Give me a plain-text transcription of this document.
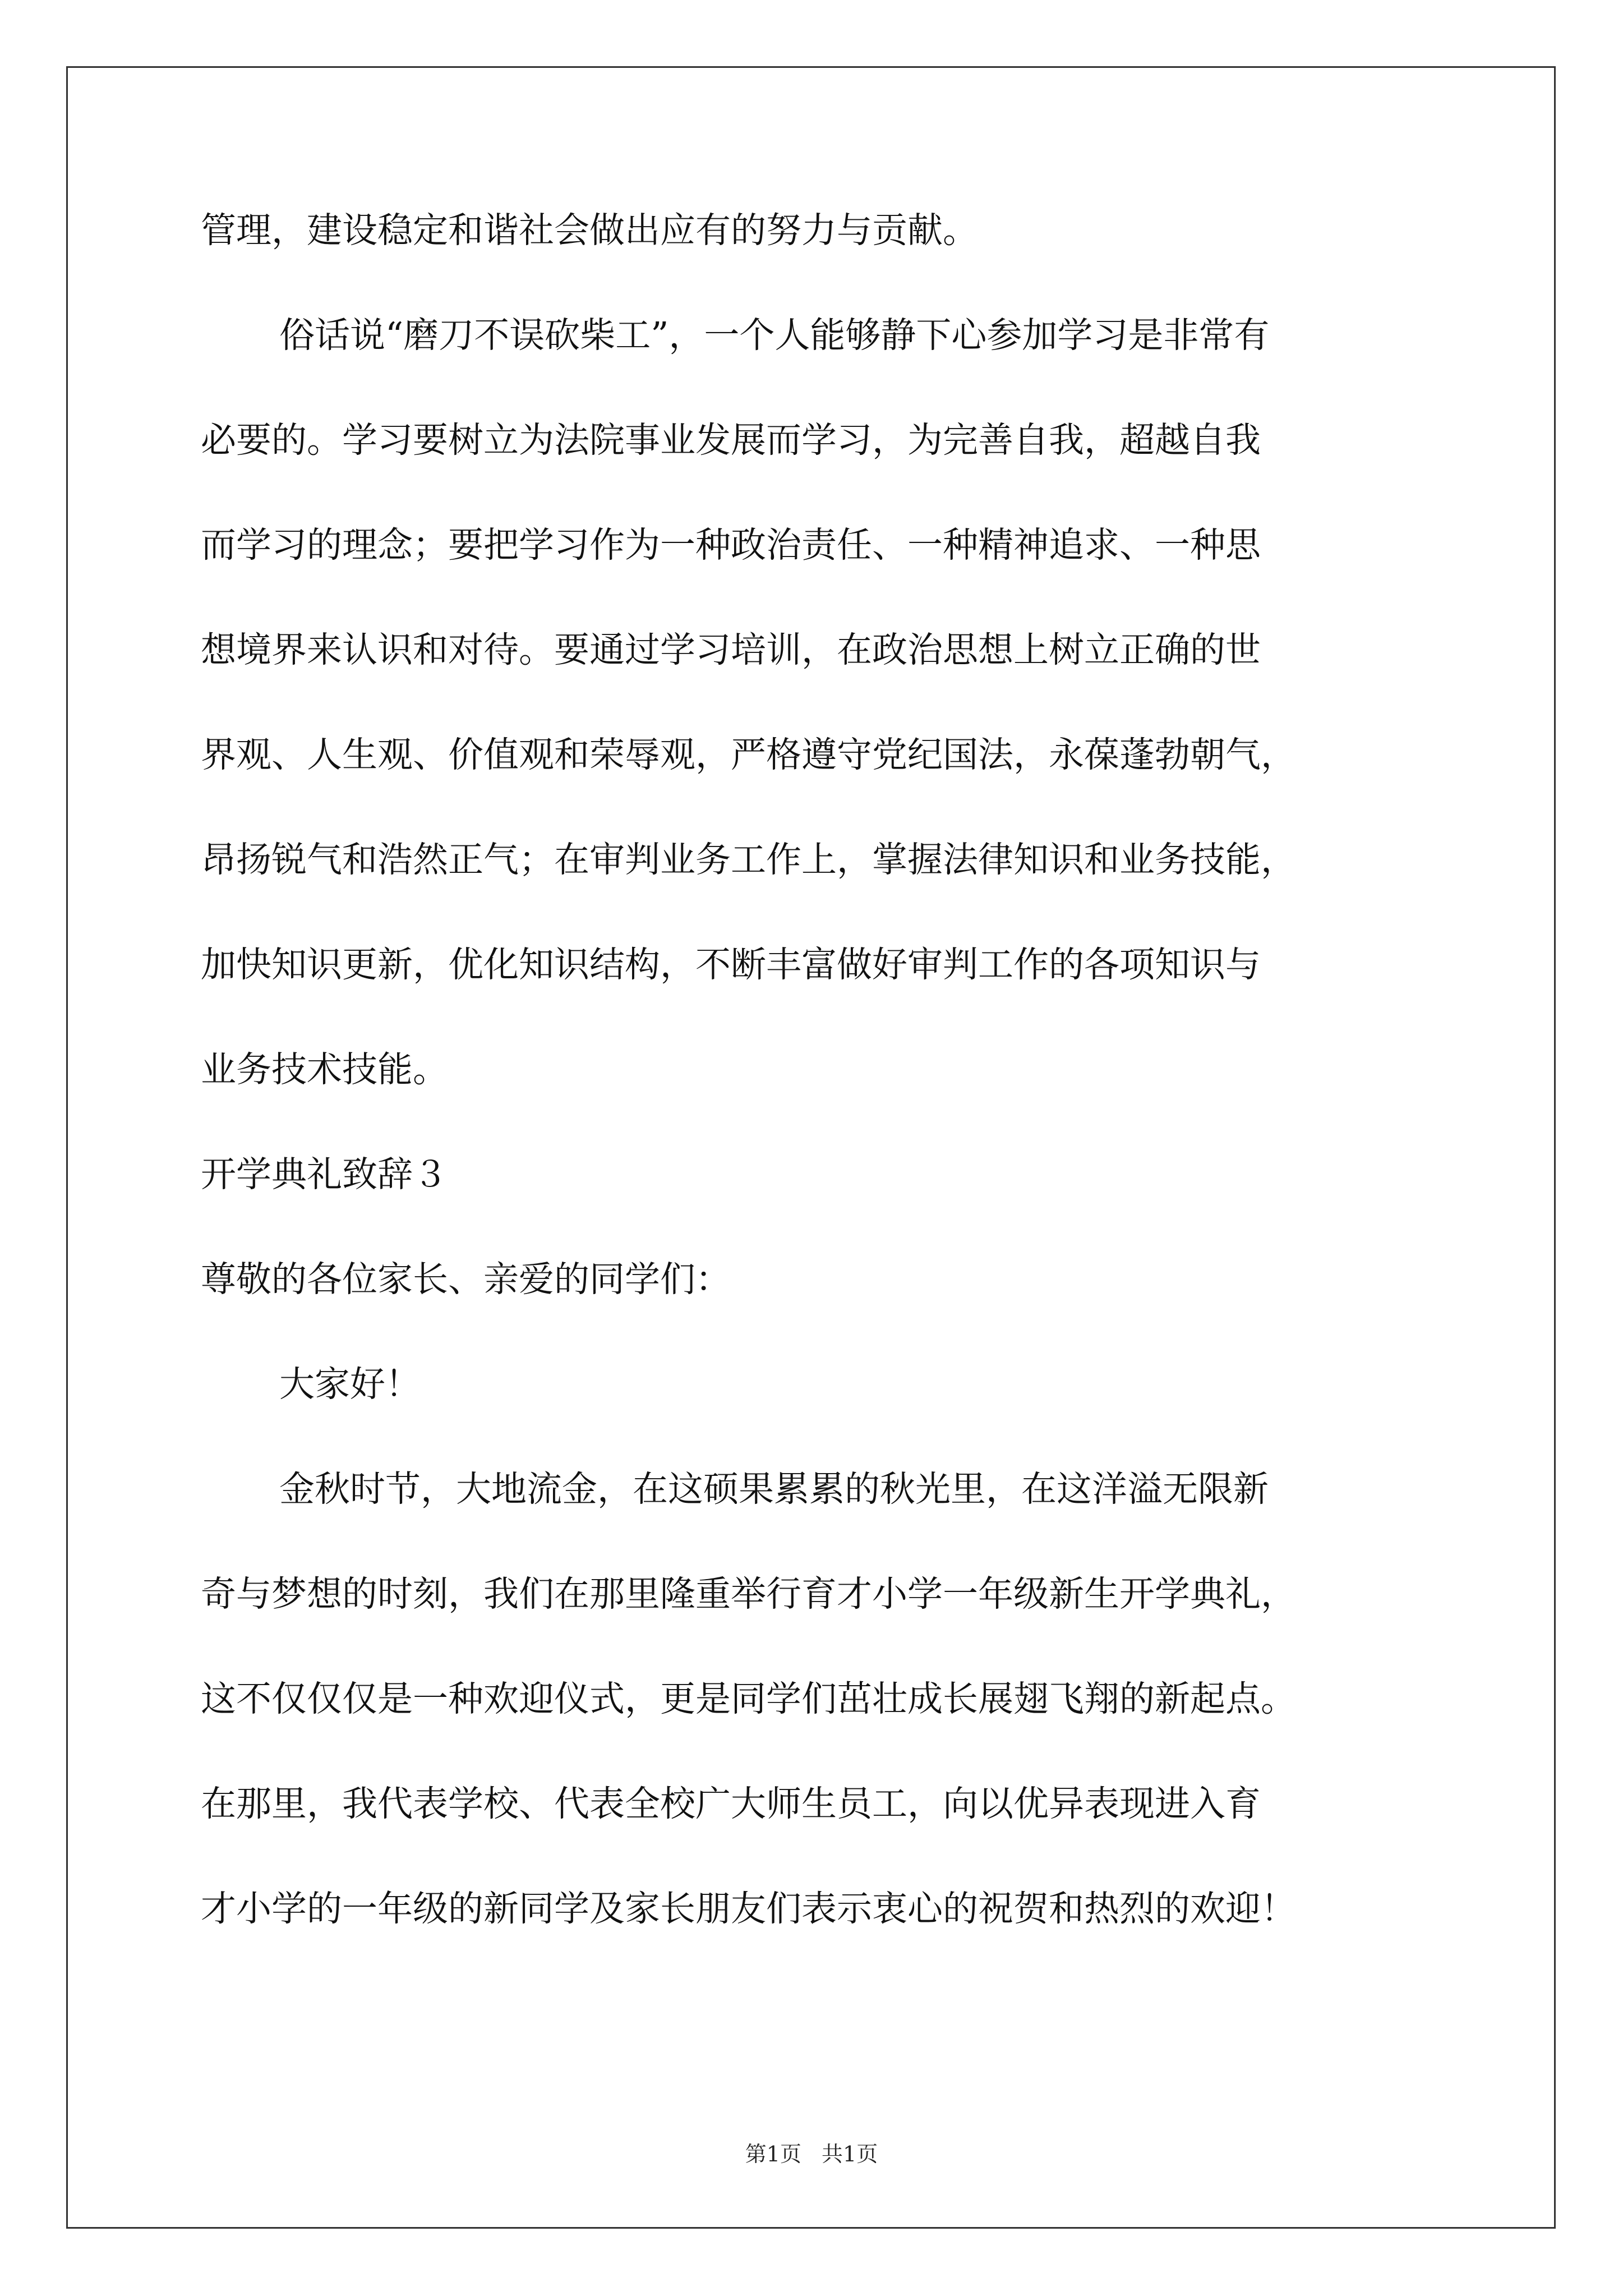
管理，建设稳定和谐社会做出应有的努力与贡献。
俗话说“磨刀不误砍柴工”，一个人能够静下心参加学习是非常有
必要的。学习要树立为法院事业发展而学习，为完善自我，超越自我
而学习的理念；要把学习作为一种政治责任、一种精神追求、一种思
想境界来认识和对待。要通过学习培训，在政治思想上树立正确的世
界观、人生观、价值观和荣辱观，严格遵守党纪国法，永葆蓬勃朝气，
昂扬锐气和浩然正气；在审判业务工作上，掌握法律知识和业务技能，
加快知识更新，优化知识结构，不断丰富做好审判工作的各项知识与
业务技术技能。
开学典礼致辞３
尊敬的各位家长、亲爱的同学们：
大家好！
金秋时节，大地流金，在这硕果累累的秋光里，在这洋溢无限新
奇与梦想的时刻，我们在那里隆重举行育才小学一年级新生开学典礼，
这不仅仅仅是一种欢迎仪式，更是同学们茁壮成长展翅飞翔的新起点。
在那里，我代表学校、代表全校广大师生员工，向以优异表现进入育
才小学的一年级的新同学及家长朋友们表示衷心的祝贺和热烈的欢迎！
第1页 共1页
